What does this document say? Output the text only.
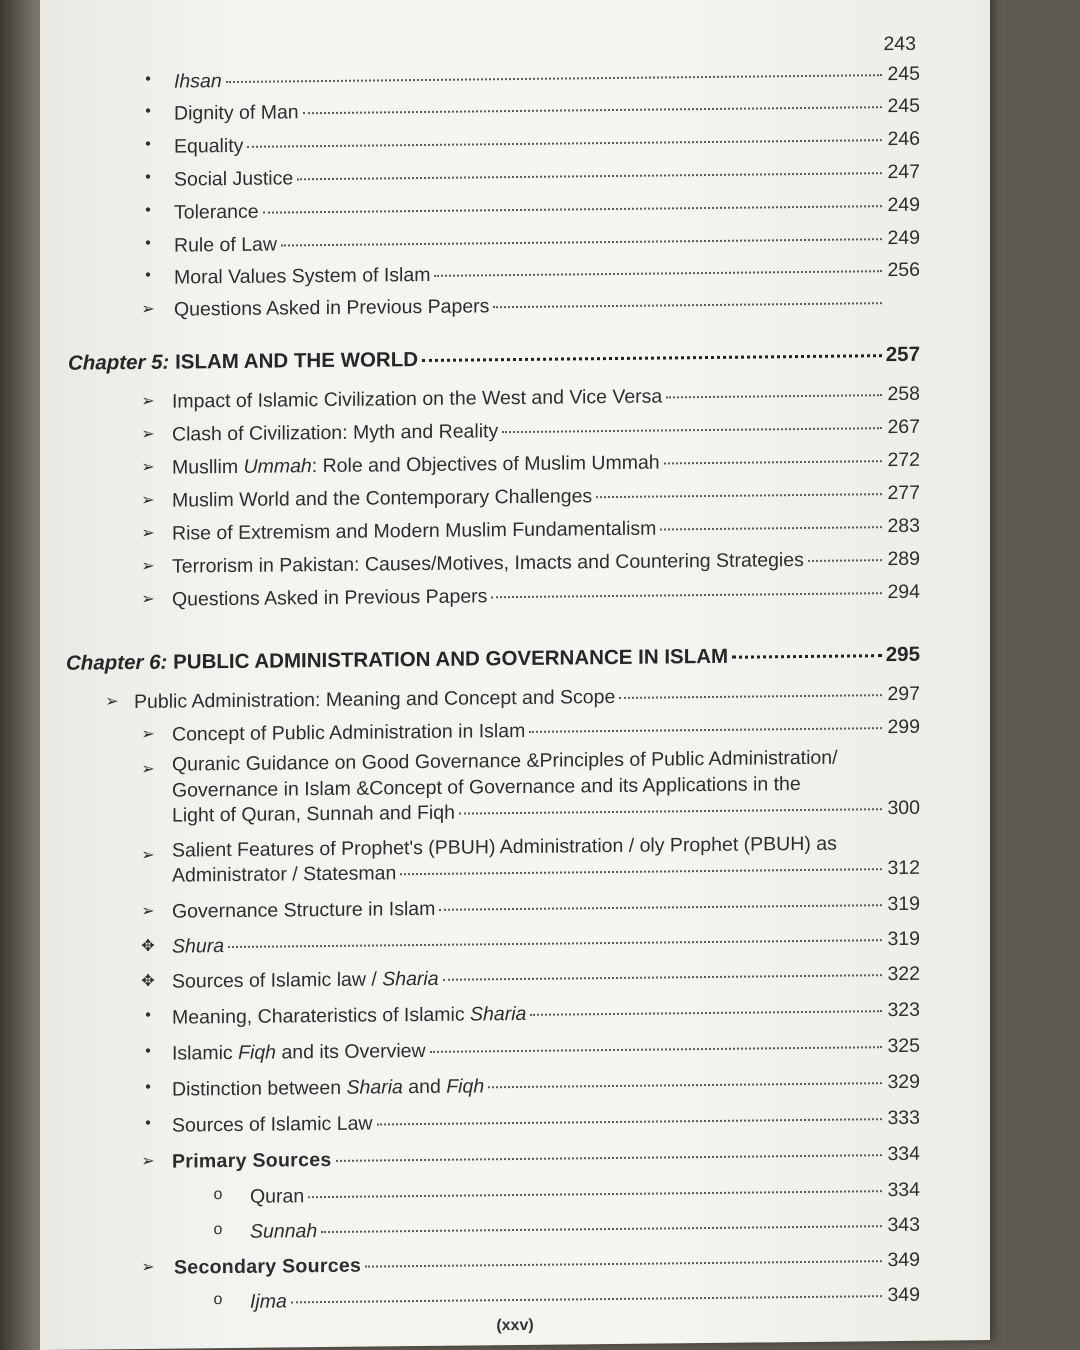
243
•	Ihsan	245
•	Dignity of Man	245
•	Equality	246
•	Social Justice	247
•	Tolerance	249
•	Rule of Law	249
•	Moral Values System of Islam	256
➢ Questions Asked in Previous Papers
Chapter 5: ISLAM AND THE WORLD	257
➢ Impact of Islamic Civilization on the West and Vice Versa	258
➢ Clash of Civilization: Myth and Reality	267
➢ Musllim Ummah: Role and Objectives of Muslim Ummah	272
➢ Muslim World and the Contemporary Challenges	277
➢ Rise of Extremism and Modern Muslim Fundamentalism	283
➢ Terrorism in Pakistan: Causes/Motives, Imacts and Countering Strategies	289
➢ Questions Asked in Previous Papers	294
Chapter 6: PUBLIC ADMINISTRATION AND GOVERNANCE IN ISLAM	295
➢ Public Administration: Meaning and Concept and Scope	297
➢ Concept of Public Administration in Islam	299
➢ Quranic Guidance on Good Governance &Principles of Public Administration/
Governance in Islam &Concept of Governance and its Applications in the
Light of Quran, Sunnah and Fiqh	300
➢ Salient Features of Prophet's (PBUH) Administration / oly Prophet (PBUH) as
Administrator / Statesman	312
➢ Governance Structure in Islam	319
✥ Shura	319
✥ Sources of Islamic law / Sharia	322
•	Meaning, Charateristics of Islamic Sharia	323
•	Islamic Fiqh and its Overview	325
•	Distinction between Sharia and Fiqh	329
•	Sources of Islamic Law	333
➢ Primary Sources	334
o Quran	334
o Sunnah	343
➢ Secondary Sources	349
o Ijma	349
(xxv)
